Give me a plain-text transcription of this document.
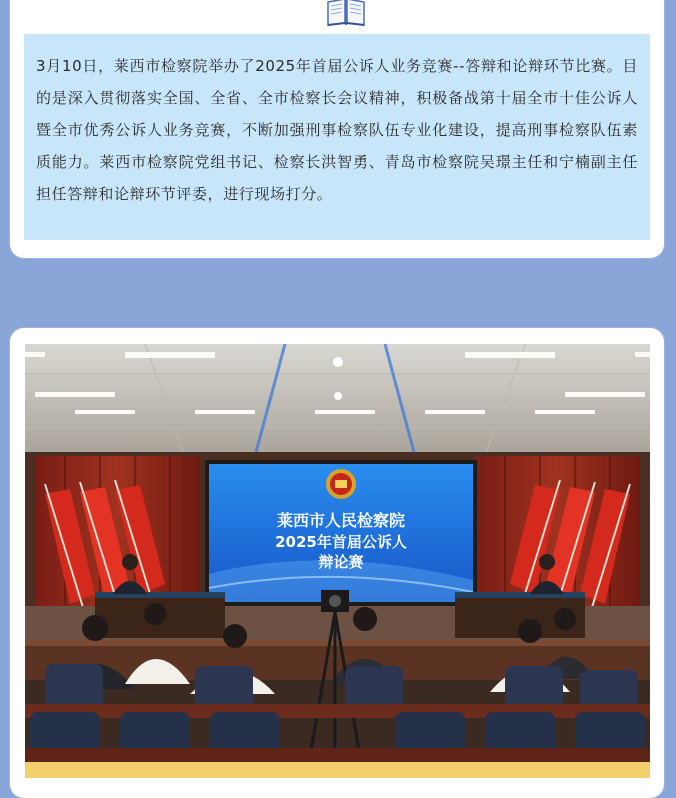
3月10日，莱西市检察院举办了2025年首届公诉人业务竞赛--答辩和论辩环节比赛。目的是深入贯彻落实全国、全省、全市检察长会议精神，积极备战第十届全市十佳公诉人暨全市优秀公诉人业务竞赛，不断加强刑事检察队伍专业化建设，提高刑事检察队伍素质能力。莱西市检察院党组书记、检察长洪智勇、青岛市检察院吴璟主任和宁楠副主任担任答辩和论辩环节评委，进行现场打分。

莱西市人民检察院
2025年首届公诉人
辩论赛
